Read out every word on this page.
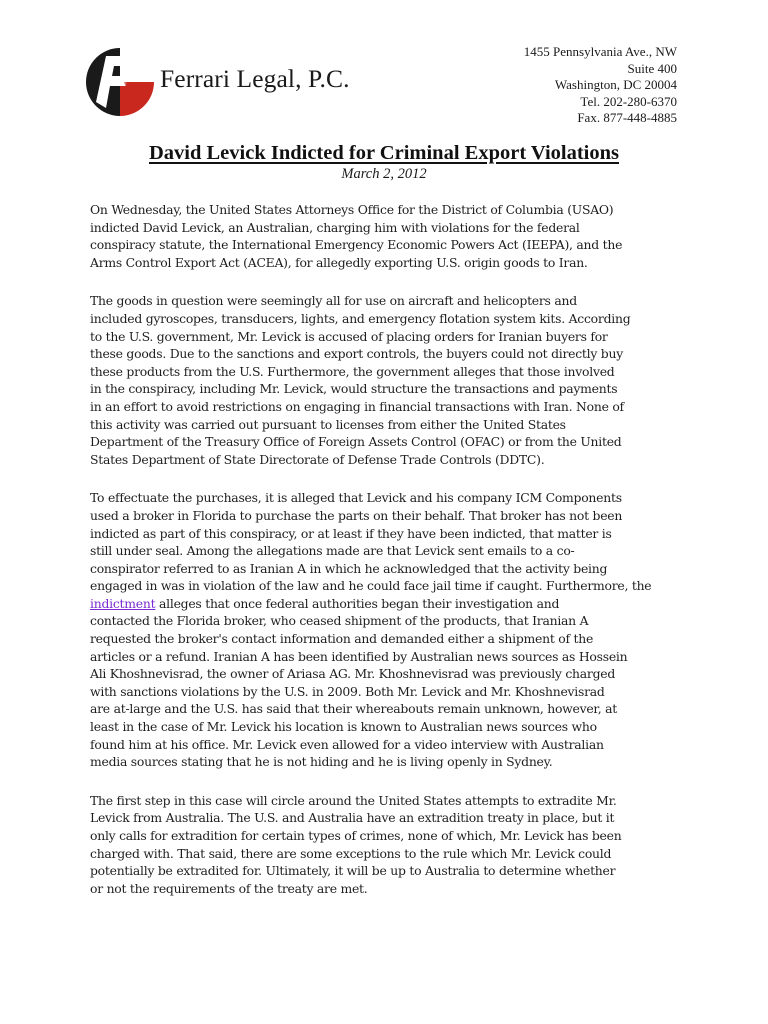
Ferrari Legal, P.C.
1455 Pennsylvania Ave., NW
Suite 400
Washington, DC 20004
Tel. 202-280-6370
Fax. 877-448-4885
David Levick Indicted for Criminal Export Violations
March 2, 2012
On Wednesday, the United States Attorneys Office for the District of Columbia (USAO)
indicted David Levick, an Australian, charging him with violations for the federal
conspiracy statute, the International Emergency Economic Powers Act (IEEPA), and the
Arms Control Export Act (ACEA), for allegedly exporting U.S. origin goods to Iran.
The goods in question were seemingly all for use on aircraft and helicopters and
included gyroscopes, transducers, lights, and emergency flotation system kits. According
to the U.S. government, Mr. Levick is accused of placing orders for Iranian buyers for
these goods. Due to the sanctions and export controls, the buyers could not directly buy
these products from the U.S. Furthermore, the government alleges that those involved
in the conspiracy, including Mr. Levick, would structure the transactions and payments
in an effort to avoid restrictions on engaging in financial transactions with Iran. None of
this activity was carried out pursuant to licenses from either the United States
Department of the Treasury Office of Foreign Assets Control (OFAC) or from the United
States Department of State Directorate of Defense Trade Controls (DDTC).
To effectuate the purchases, it is alleged that Levick and his company ICM Components
used a broker in Florida to purchase the parts on their behalf. That broker has not been
indicted as part of this conspiracy, or at least if they have been indicted, that matter is
still under seal. Among the allegations made are that Levick sent emails to a co-
conspirator referred to as Iranian A in which he acknowledged that the activity being
engaged in was in violation of the law and he could face jail time if caught. Furthermore, the
indictment alleges that once federal authorities began their investigation and
contacted the Florida broker, who ceased shipment of the products, that Iranian A
requested the broker's contact information and demanded either a shipment of the
articles or a refund. Iranian A has been identified by Australian news sources as Hossein
Ali Khoshnevisrad, the owner of Ariasa AG. Mr. Khoshnevisrad was previously charged
with sanctions violations by the U.S. in 2009. Both Mr. Levick and Mr. Khoshnevisrad
are at-large and the U.S. has said that their whereabouts remain unknown, however, at
least in the case of Mr. Levick his location is known to Australian news sources who
found him at his office. Mr. Levick even allowed for a video interview with Australian
media sources stating that he is not hiding and he is living openly in Sydney.
The first step in this case will circle around the United States attempts to extradite Mr.
Levick from Australia. The U.S. and Australia have an extradition treaty in place, but it
only calls for extradition for certain types of crimes, none of which, Mr. Levick has been
charged with. That said, there are some exceptions to the rule which Mr. Levick could
potentially be extradited for. Ultimately, it will be up to Australia to determine whether
or not the requirements of the treaty are met.
